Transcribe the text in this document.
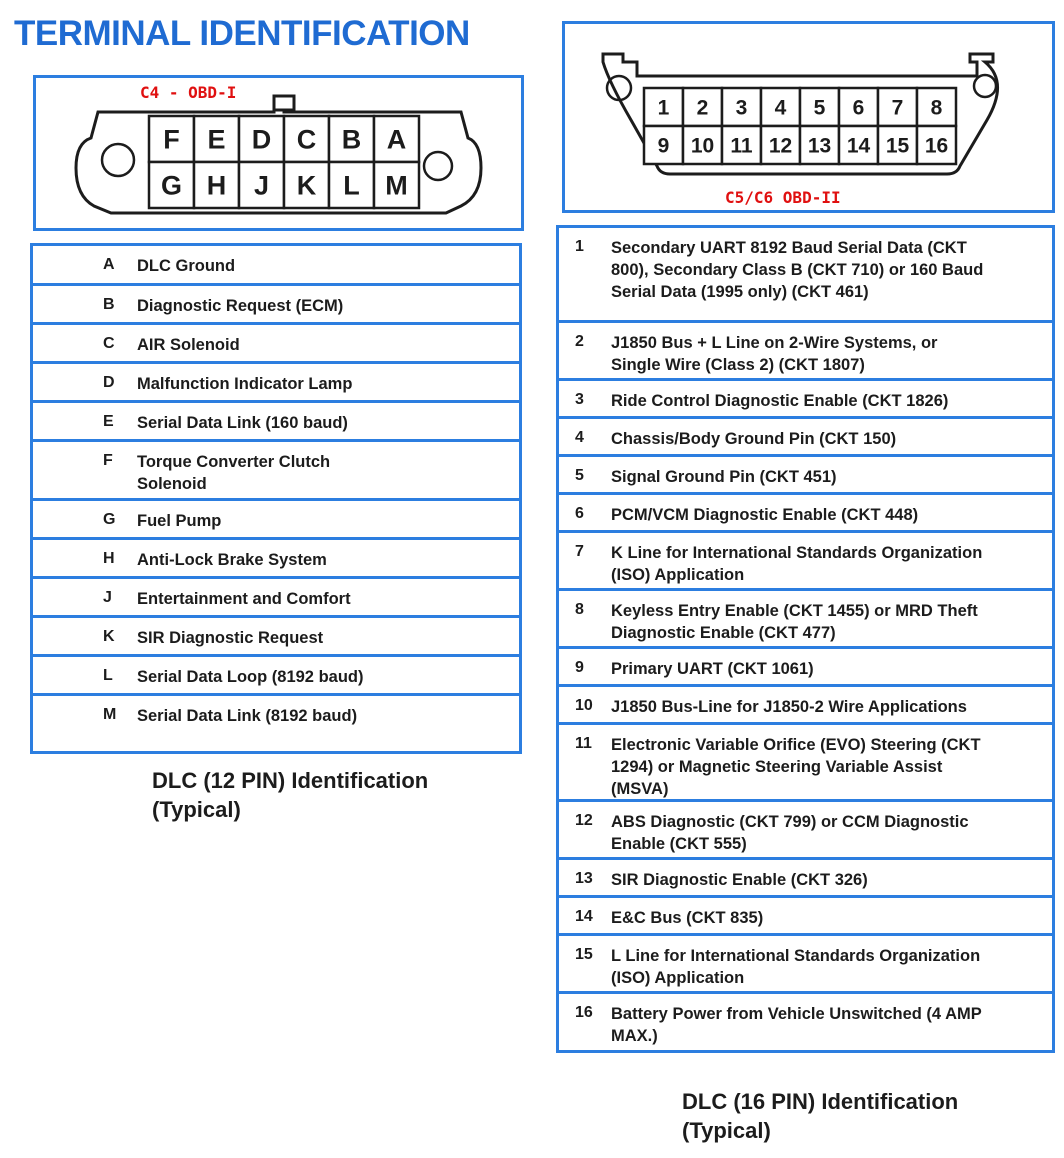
TERMINAL IDENTIFICATION
C4 - OBD-I
F E D C B A
G H J K L M
A DLC Ground
B Diagnostic Request (ECM)
C AIR Solenoid
D Malfunction Indicator Lamp
E Serial Data Link (160 baud)
F Torque Converter Clutch
Solenoid
G Fuel Pump
H Anti-Lock Brake System
J Entertainment and Comfort
K SIR Diagnostic Request
L Serial Data Loop (8192 baud)
M Serial Data Link (8192 baud)
DLC (12 PIN) Identification
(Typical)
C5/C6 OBD-II
1 2 3 4 5 6 7 8
9 10 11 12 13 14 15 16
1 Secondary UART 8192 Baud Serial Data (CKT
800), Secondary Class B (CKT 710) or 160 Baud
Serial Data (1995 only) (CKT 461)
2 J1850 Bus + L Line on 2-Wire Systems, or
Single Wire (Class 2) (CKT 1807)
3 Ride Control Diagnostic Enable (CKT 1826)
4 Chassis/Body Ground Pin (CKT 150)
5 Signal Ground Pin (CKT 451)
6 PCM/VCM Diagnostic Enable (CKT 448)
7 K Line for International Standards Organization
(ISO) Application
8 Keyless Entry Enable (CKT 1455) or MRD Theft
Diagnostic Enable (CKT 477)
9 Primary UART (CKT 1061)
10 J1850 Bus-Line for J1850-2 Wire Applications
11 Electronic Variable Orifice (EVO) Steering (CKT
1294) or Magnetic Steering Variable Assist
(MSVA)
12 ABS Diagnostic (CKT 799) or CCM Diagnostic
Enable (CKT 555)
13 SIR Diagnostic Enable (CKT 326)
14 E&C Bus (CKT 835)
15 L Line for International Standards Organization
(ISO) Application
16 Battery Power from Vehicle Unswitched (4 AMP
MAX.)
DLC (16 PIN) Identification
(Typical)
